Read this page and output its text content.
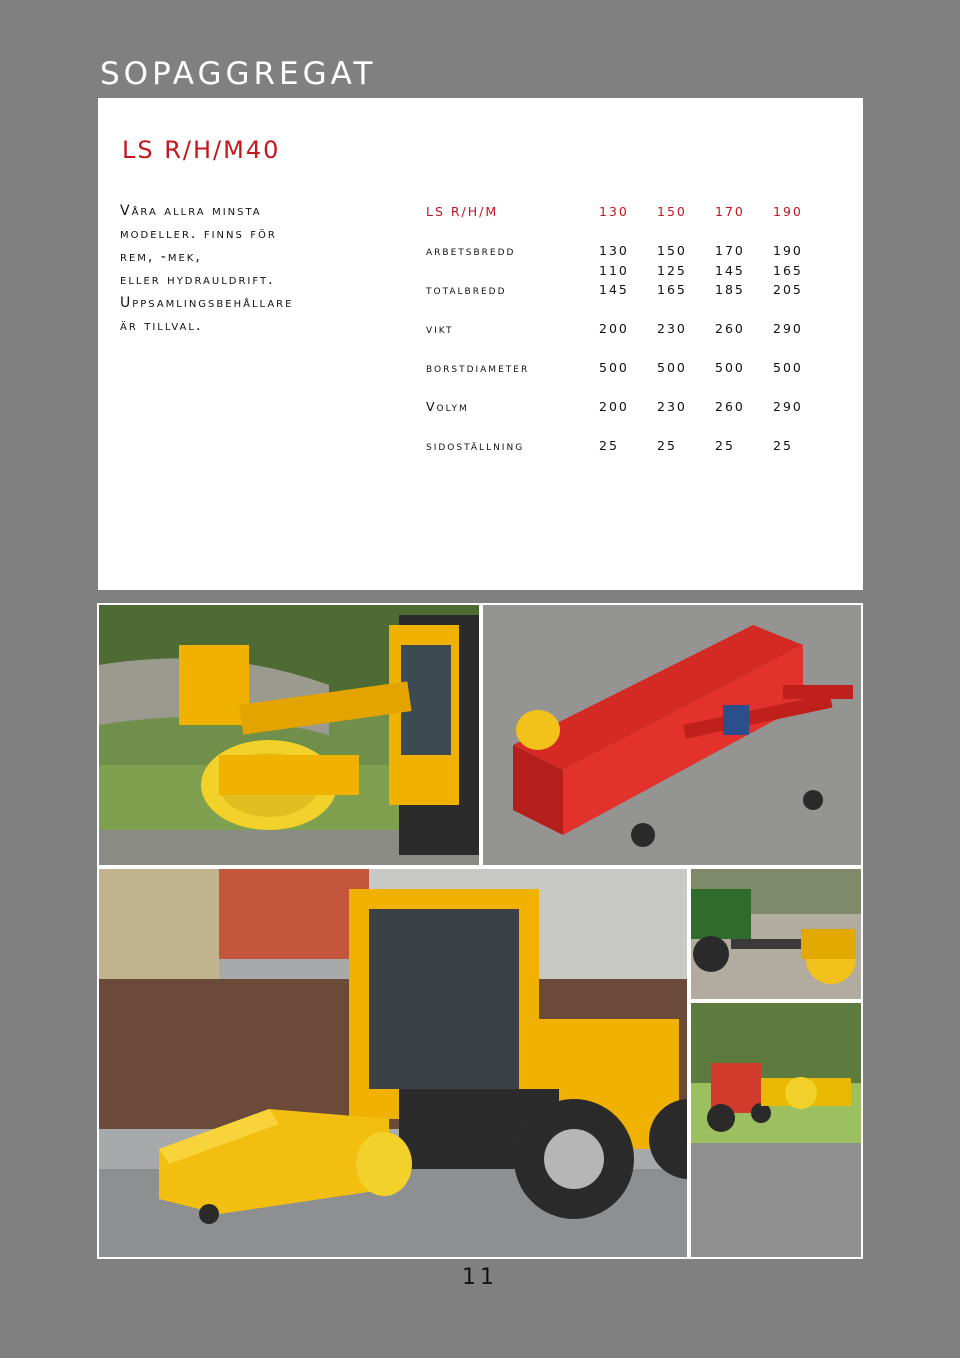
SOPAGGREGAT
LS R/H/M40
Våra allra minsta
modeller. finns för
rem, -mek,
eller hydrauldrift.
Uppsamlingsbehållare
är tillval.
LS R/H/M	130	150	170	190

arbetsbredd	130	150	170	190
	110	125	145	165
totalbredd	145	165	185	205

vikt	200	230	260	290

borstdiameter	500	500	500	500

Volym	200	230	260	290

sidoställning	25	25	25	25
11
